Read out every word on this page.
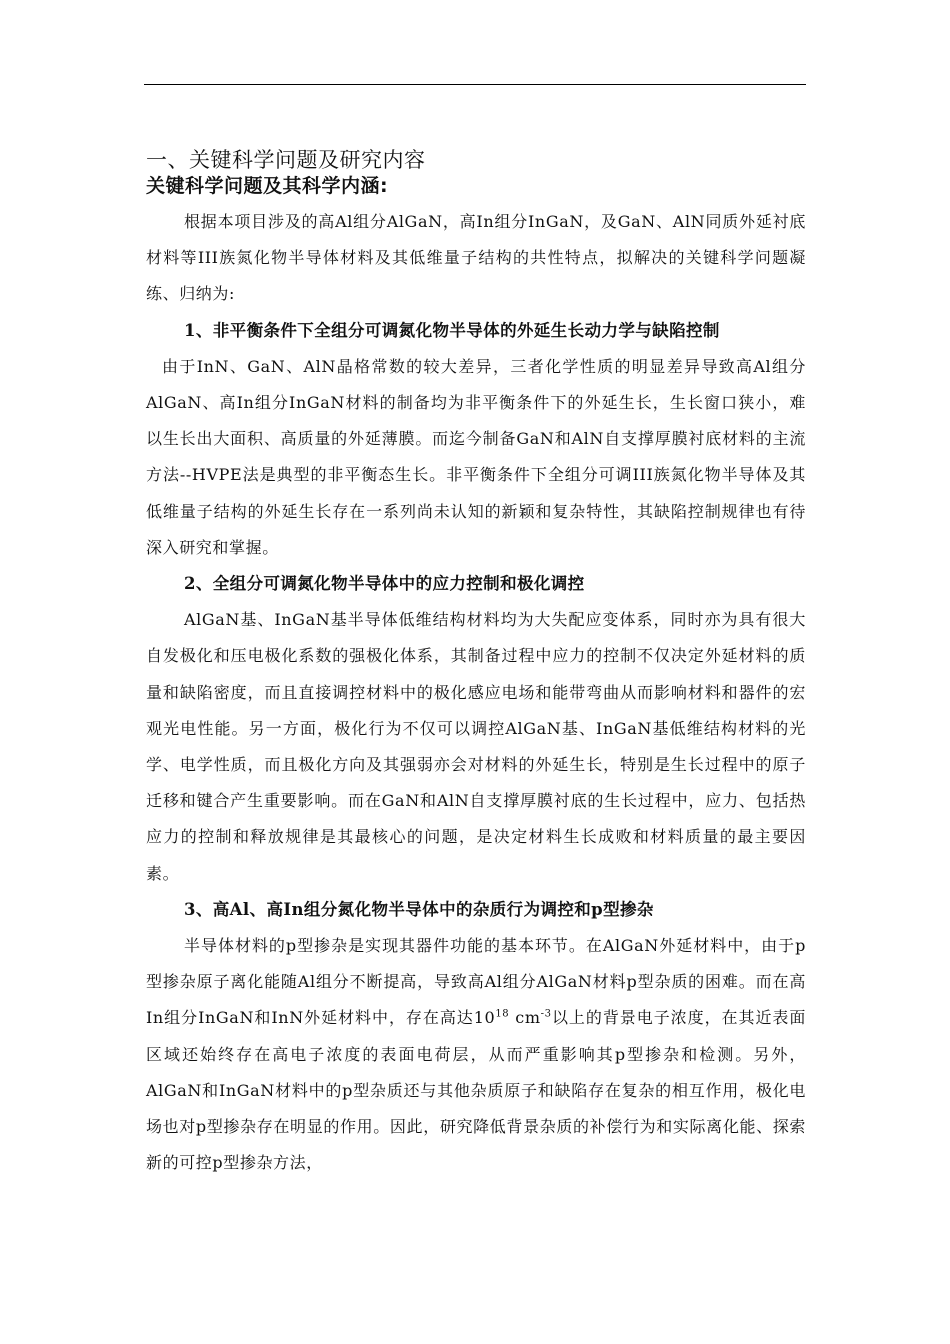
一、关键科学问题及研究内容
关键科学问题及其科学内涵:

根据本项目涉及的高Al组分AlGaN，高In组分InGaN，及GaN、AlN同质外延衬底材料等III族氮化物半导体材料及其低维量子结构的共性特点，拟解决的关键科学问题凝练、归纳为:

1、非平衡条件下全组分可调氮化物半导体的外延生长动力学与缺陷控制

由于InN、GaN、AlN晶格常数的较大差异，三者化学性质的明显差异导致高Al组分AlGaN、高In组分InGaN材料的制备均为非平衡条件下的外延生长，生长窗口狭小，难以生长出大面积、高质量的外延薄膜。而迄今制备GaN和AlN自支撑厚膜衬底材料的主流方法--HVPE法是典型的非平衡态生长。非平衡条件下全组分可调III族氮化物半导体及其低维量子结构的外延生长存在一系列尚未认知的新颖和复杂特性，其缺陷控制规律也有待深入研究和掌握。

2、全组分可调氮化物半导体中的应力控制和极化调控

AlGaN基、InGaN基半导体低维结构材料均为大失配应变体系，同时亦为具有很大自发极化和压电极化系数的强极化体系，其制备过程中应力的控制不仅决定外延材料的质量和缺陷密度，而且直接调控材料中的极化感应电场和能带弯曲从而影响材料和器件的宏观光电性能。另一方面，极化行为不仅可以调控AlGaN基、InGaN基低维结构材料的光学、电学性质，而且极化方向及其强弱亦会对材料的外延生长，特别是生长过程中的原子迁移和键合产生重要影响。而在GaN和AlN自支撑厚膜衬底的生长过程中，应力、包括热应力的控制和释放规律是其最核心的问题，是决定材料生长成败和材料质量的最主要因素。

3、高Al、高In组分氮化物半导体中的杂质行为调控和p型掺杂

半导体材料的p型掺杂是实现其器件功能的基本环节。在AlGaN外延材料中，由于p型掺杂原子离化能随Al组分不断提高，导致高Al组分AlGaN材料p型杂质的困难。而在高In组分InGaN和InN外延材料中，存在高达$10^{18}$ $cm^{-3}$以上的背景电子浓度，在其近表面区域还始终存在高电子浓度的表面电荷层，从而严重影响其p型掺杂和检测。另外，AlGaN和InGaN材料中的p型杂质还与其他杂质原子和缺陷存在复杂的相互作用，极化电场也对p型掺杂存在明显的作用。因此，研究降低背景杂质的补偿行为和实际离化能、探索新的可控p型掺杂方法，
